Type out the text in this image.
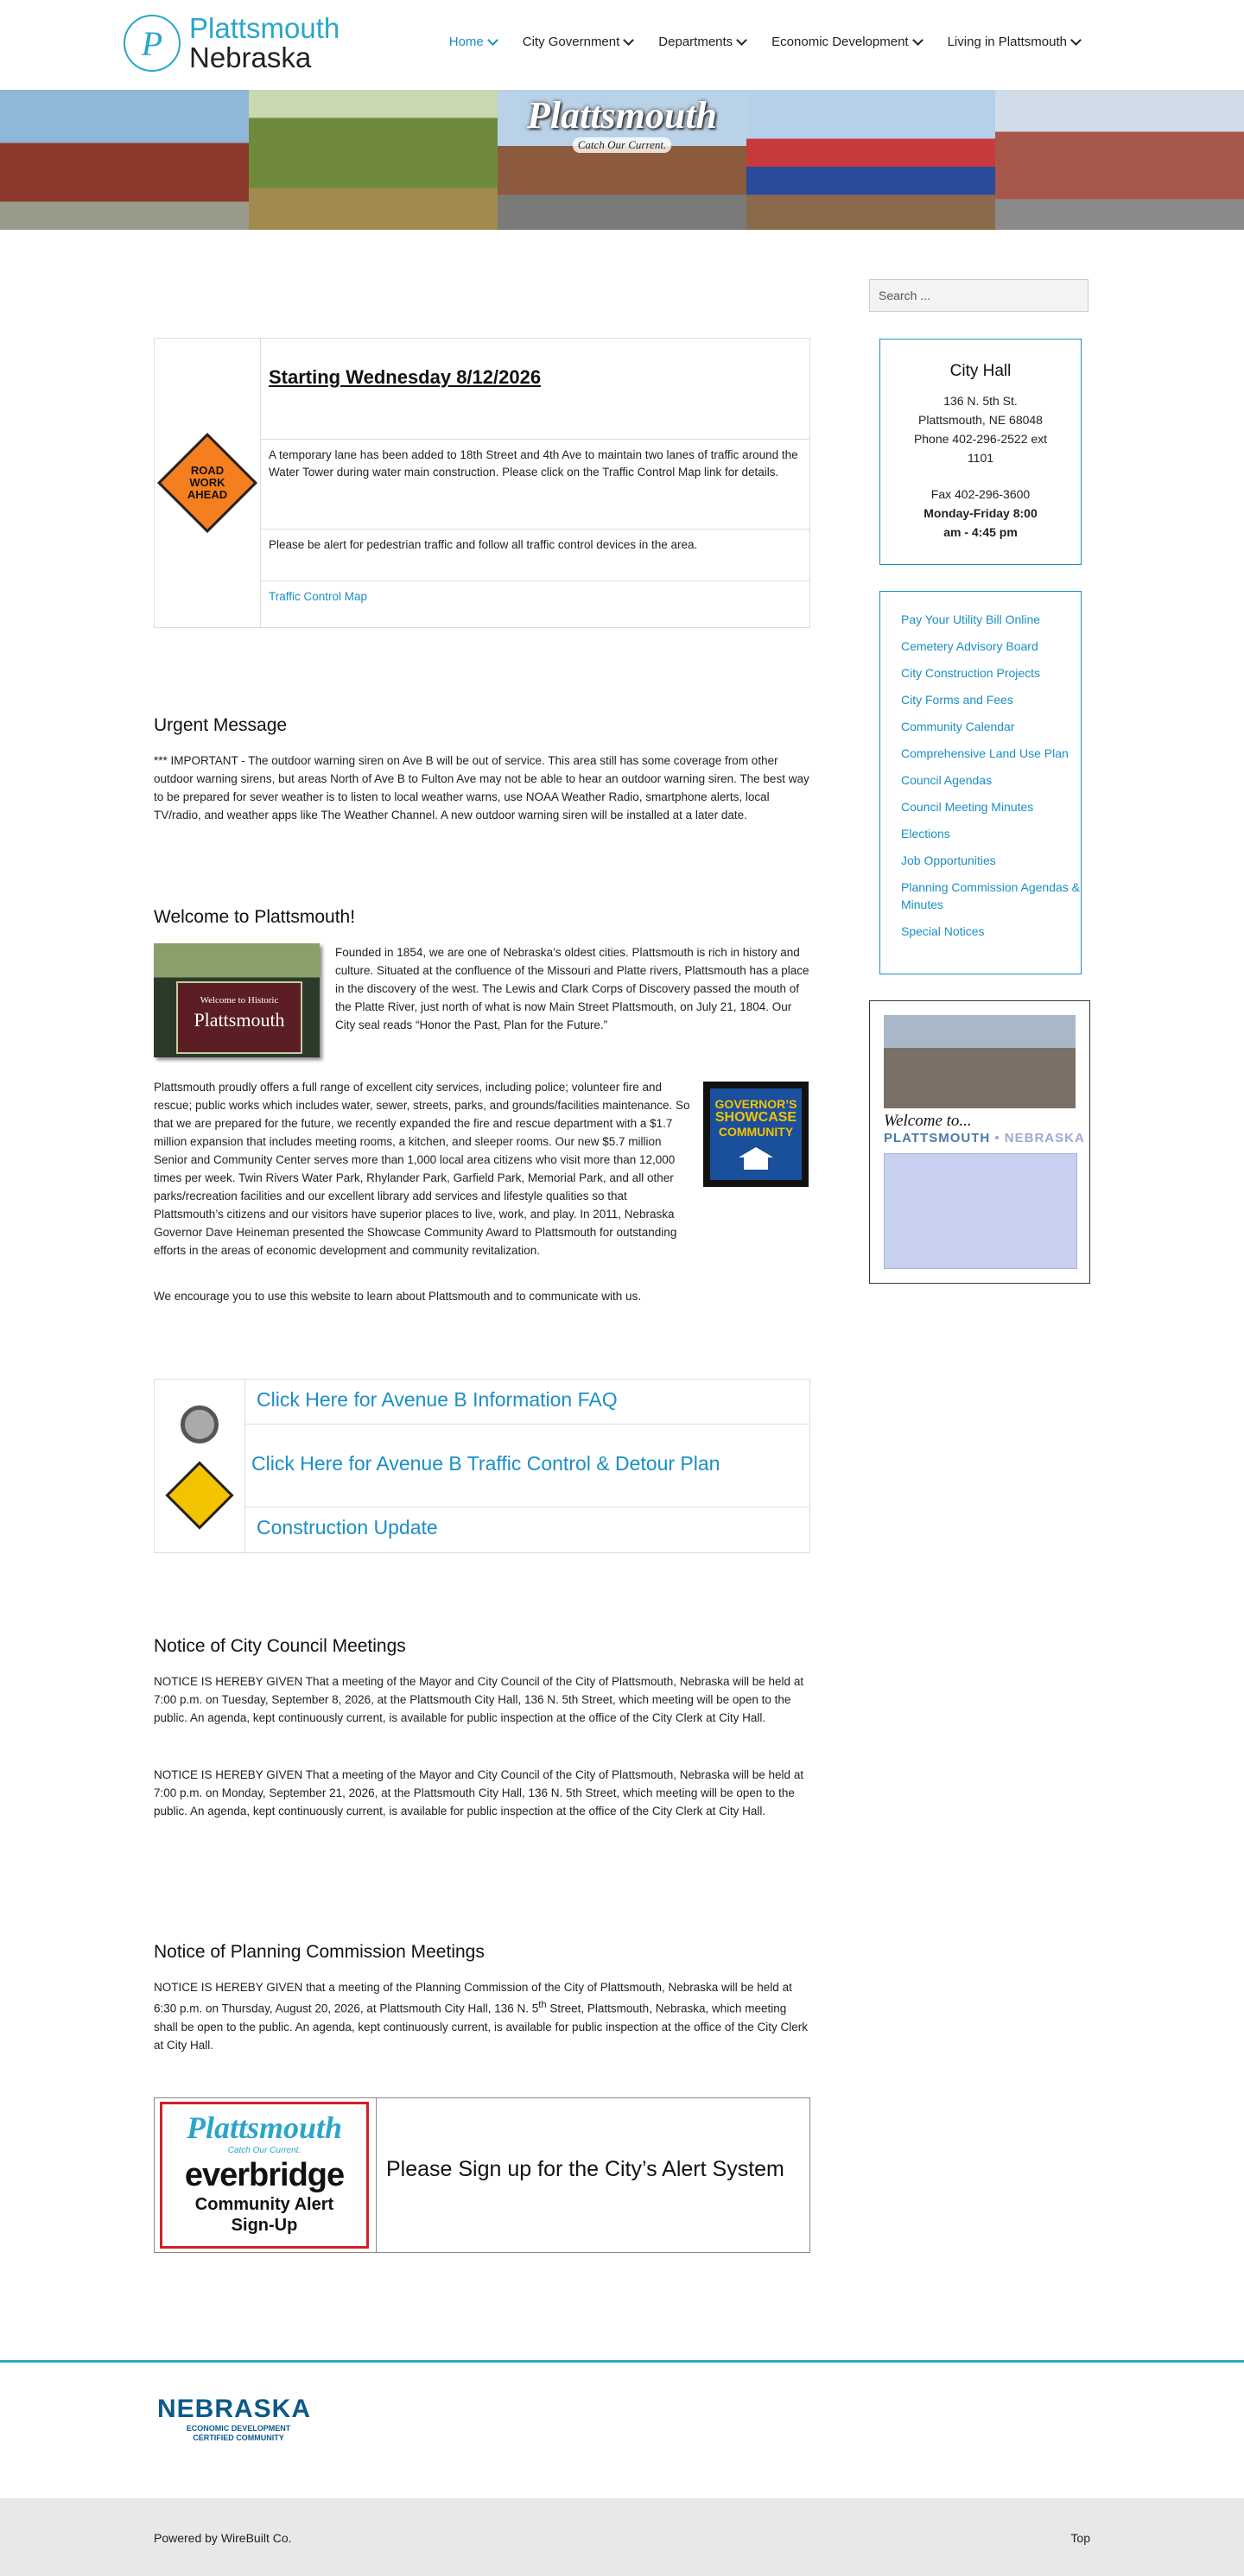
P Plattsmouth
Nebraska	Home	City Government	Departments	Economic Development	Living in Plattsmouth
Plattsmouth
Catch Our Current.
ROAD WORK AHEAD
Starting Wednesday 8/12/2026
A temporary lane has been added to 18th Street and 4th Ave to maintain two lanes of traffic around the Water Tower during water main construction. Please click on the Traffic Control Map link for details.
Please be alert for pedestrian traffic and follow all traffic control devices in the area.
Traffic Control Map
Urgent Message

*** IMPORTANT - The outdoor warning siren on Ave B will be out of service. This area still has some coverage from other outdoor warning sirens, but areas North of Ave B to Fulton Ave may not be able to hear an outdoor warning siren. The best way to be prepared for sever weather is to listen to local weather warns, use NOAA Weather Radio, smartphone alerts, local TV/radio, and weather apps like The Weather Channel. A new outdoor warning siren will be installed at a later date.

Welcome to Plattsmouth!
Welcome to Historic
Plattsmouth

Founded in 1854, we are one of Nebraska’s oldest cities. Plattsmouth is rich in history and culture. Situated at the confluence of the Missouri and Platte rivers, Plattsmouth has a place in the discovery of the west. The Lewis and Clark Corps of Discovery passed the mouth of the Platte River, just north of what is now Main Street Plattsmouth, on July 21, 1804. Our City seal reads “Honor the Past, Plan for the Future.”

GOVERNOR’S
SHOWCASE
COMMUNITY

Plattsmouth proudly offers a full range of excellent city services, including police; volunteer fire and rescue; public works which includes water, sewer, streets, parks, and grounds/facilities maintenance. So that we are prepared for the future, we recently expanded the fire and rescue department with a $1.7 million expansion that includes meeting rooms, a kitchen, and sleeper rooms. Our new $5.7 million Senior and Community Center serves more than 1,000 local area citizens who visit more than 12,000 times per week. Twin Rivers Water Park, Rhylander Park, Garfield Park, Memorial Park, and all other parks/recreation facilities and our excellent library add services and lifestyle qualities so that Plattsmouth’s citizens and our visitors have superior places to live, work, and play. In 2011, Nebraska Governor Dave Heineman presented the Showcase Community Award to Plattsmouth for outstanding efforts in the areas of economic development and community revitalization.

We encourage you to use this website to learn about Plattsmouth and to communicate with us.

Click Here for Avenue B Information FAQ
Click Here for Avenue B Traffic Control & Detour Plan
Construction Update
Notice of City Council Meetings

NOTICE IS HEREBY GIVEN That a meeting of the Mayor and City Council of the City of Plattsmouth, Nebraska will be held at 7:00 p.m. on Tuesday, September 8, 2026, at the Plattsmouth City Hall, 136 N. 5th Street, which meeting will be open to the public. An agenda, kept continuously current, is available for public inspection at the office of the City Clerk at City Hall.

NOTICE IS HEREBY GIVEN That a meeting of the Mayor and City Council of the City of Plattsmouth, Nebraska will be held at 7:00 p.m. on Monday, September 21, 2026, at the Plattsmouth City Hall, 136 N. 5th Street, which meeting will be open to the public. An agenda, kept continuously current, is available for public inspection at the office of the City Clerk at City Hall.

Notice of Planning Commission Meetings

NOTICE IS HEREBY GIVEN that a meeting of the Planning Commission of the City of Plattsmouth, Nebraska will be held at 6:30 p.m. on Thursday, August 20, 2026, at Plattsmouth City Hall, 136 N. 5th Street, Plattsmouth, Nebraska, which meeting shall be open to the public. An agenda, kept continuously current, is available for public inspection at the office of the City Clerk at City Hall.

Plattsmouth
Catch Our Current.
everbridge
Community Alert
Sign-Up
Please Sign up for the City’s Alert System
Search ...
City Hall
136 N. 5th St.
Plattsmouth, NE 68048
Phone 402-296-2522 ext 1101
Fax 402-296-3600
Monday-Friday 8:00 am - 4:45 pm
Pay Your Utility Bill Online
Cemetery Advisory Board
City Construction Projects
City Forms and Fees
Community Calendar
Comprehensive Land Use Plan
Council Agendas
Council Meeting Minutes
Elections
Job Opportunities
Planning Commission Agendas & Minutes
Special Notices
Welcome to...
PLATTSMOUTH • NEBRASKA
NEBRASKA
ECONOMIC DEVELOPMENT
CERTIFIED COMMUNITY
Powered by WireBuilt Co.	Top
